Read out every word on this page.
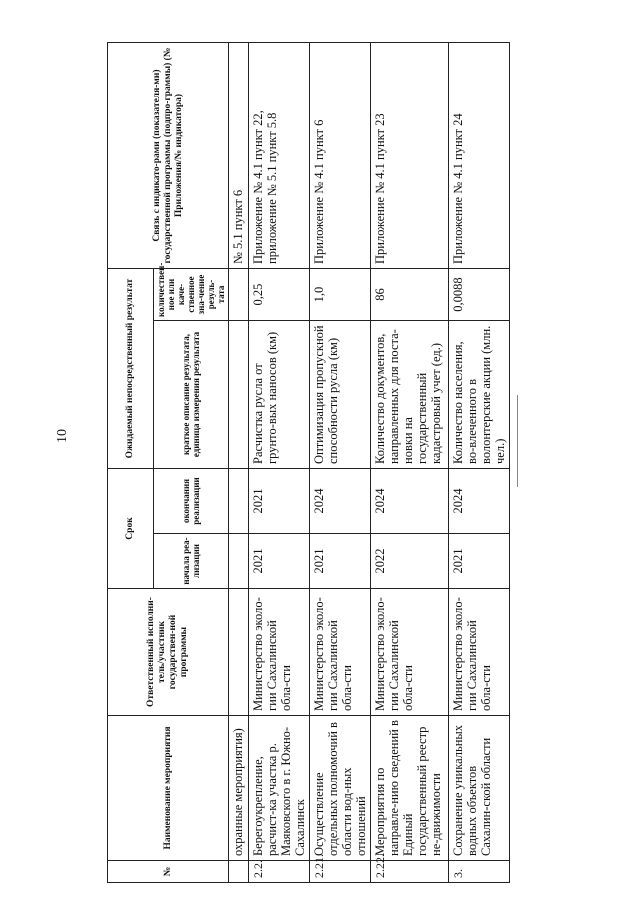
10
№	Наименование мероприятия	Ответственный исполни-тель/участник государствен-ной программы	Срок		Ожидаемый непосредственный результат		Связь с индикато-рами (показателя-ми) государственной программы (подпро-граммы) (№ Приложения/№ индикатора)
			начала реа-лизации	окончания реализации	краткое описание результата, единица измерения результата	количествен-ное или каче-ственное зна-чение резуль-тата	
	охранные мероприятия)						№ 5.1 пункт 6
2.2.	Берегоукрепление, расчист-ка участка р. Маяковского в г. Южно-Сахалинск	Министерство эколо-гии Сахалинской обла-сти	2021	2021	Расчистка русла от грунто-вых наносов (км)	0,25	Приложение № 4.1 пункт 22, приложение № 5.1 пункт 5.8
2.21.	Осуществление отдельных полномочий в области вод-ных отношений	Министерство эколо-гии Сахалинской обла-сти	2021	2024	Оптимизация пропускной способности русла (км)	1,0	Приложение № 4.1 пункт 6
2.22.	Мероприятия по направле-нию сведений в Единый государственный реестр не-движимости	Министерство эколо-гии Сахалинской обла-сти	2022	2024	Количество документов, направленных для поста-новки на государственный кадастровый учет (ед.)	86	Приложение № 4.1 пункт 23
3.	Сохранение уникальных водных объектов Сахалин-ской области	Министерство эколо-гии Сахалинской обла-сти	2021	2024	Количество населения, во-влеченного в волонтерские акции (млн. чел.)	0,0088	Приложение № 4.1 пункт 24
